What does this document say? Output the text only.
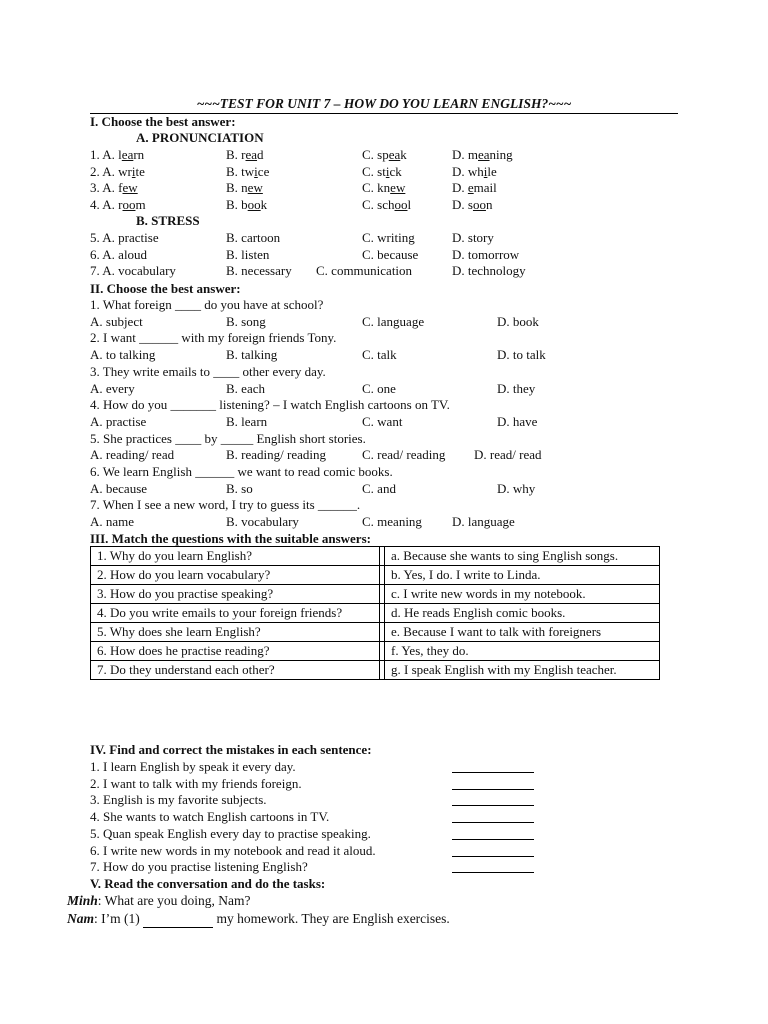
~~~TEST FOR UNIT 7 – HOW DO YOU LEARN ENGLISH?~~~
I. Choose the best answer:
A. PRONUNCIATION
1. A. learn	B. read	C. speak	D. meaning
2. A. write	B. twice	C. stick	D. while
3. A. few	B. new	C. knew	D. email
4. A. room	B. book	C. school	D. soon
B. STRESS
5. A. practise	B. cartoon	C. writing	D. story
6. A. aloud	B. listen	C. because	D. tomorrow
7. A. vocabulary	B. necessary C. communication	D. technology
II. Choose the best answer:
1. What foreign ____ do you have at school?
A. subject	B. song	C. language	D. book
2. I want ______ with my foreign friends Tony.
A. to talking	B. talking	C. talk	D. to talk
3. They write emails to ____ other every day.
A. every	B. each	C. one	D. they
4. How do you _______ listening? – I watch English cartoons on TV.
A. practise	B. learn	C. want	D. have
5. She practices ____ by _____ English short stories.
A. reading/ read	B. reading/ reading	C. read/ reading D. read/ read
6. We learn English ______ we want to read comic books.
A. because	B. so	C. and	D. why
7. When I see a new word, I try to guess its ______.
A. name	B. vocabulary	C. meaning D. language
III. Match the questions with the suitable answers:
1. Why do you learn English?		a. Because she wants to sing English songs.
2. How do you learn vocabulary?		b. Yes, I do. I write to Linda.
3. How do you practise speaking?		c. I write new words in my notebook.
4. Do you write emails to your foreign friends?		d. He reads English comic books.
5. Why does she learn English?		e. Because I want to talk with foreigners
6. How does he practise reading?		f. Yes, they do.
7. Do they understand each other?		g. I speak English with my English teacher.
IV. Find and correct the mistakes in each sentence:
1. I learn English by speak it every day.
2. I want to talk with my friends foreign.
3. English is my favorite subjects.
4. She wants to watch English cartoons in TV.
5. Quan speak English every day to practise speaking.
6. I write new words in my notebook and read it aloud.
7. How do you practise listening English?
V. Read the conversation and do the tasks:
Minh: What are you doing, Nam?
Nam: I’m (1)	my homework. They are English exercises.
